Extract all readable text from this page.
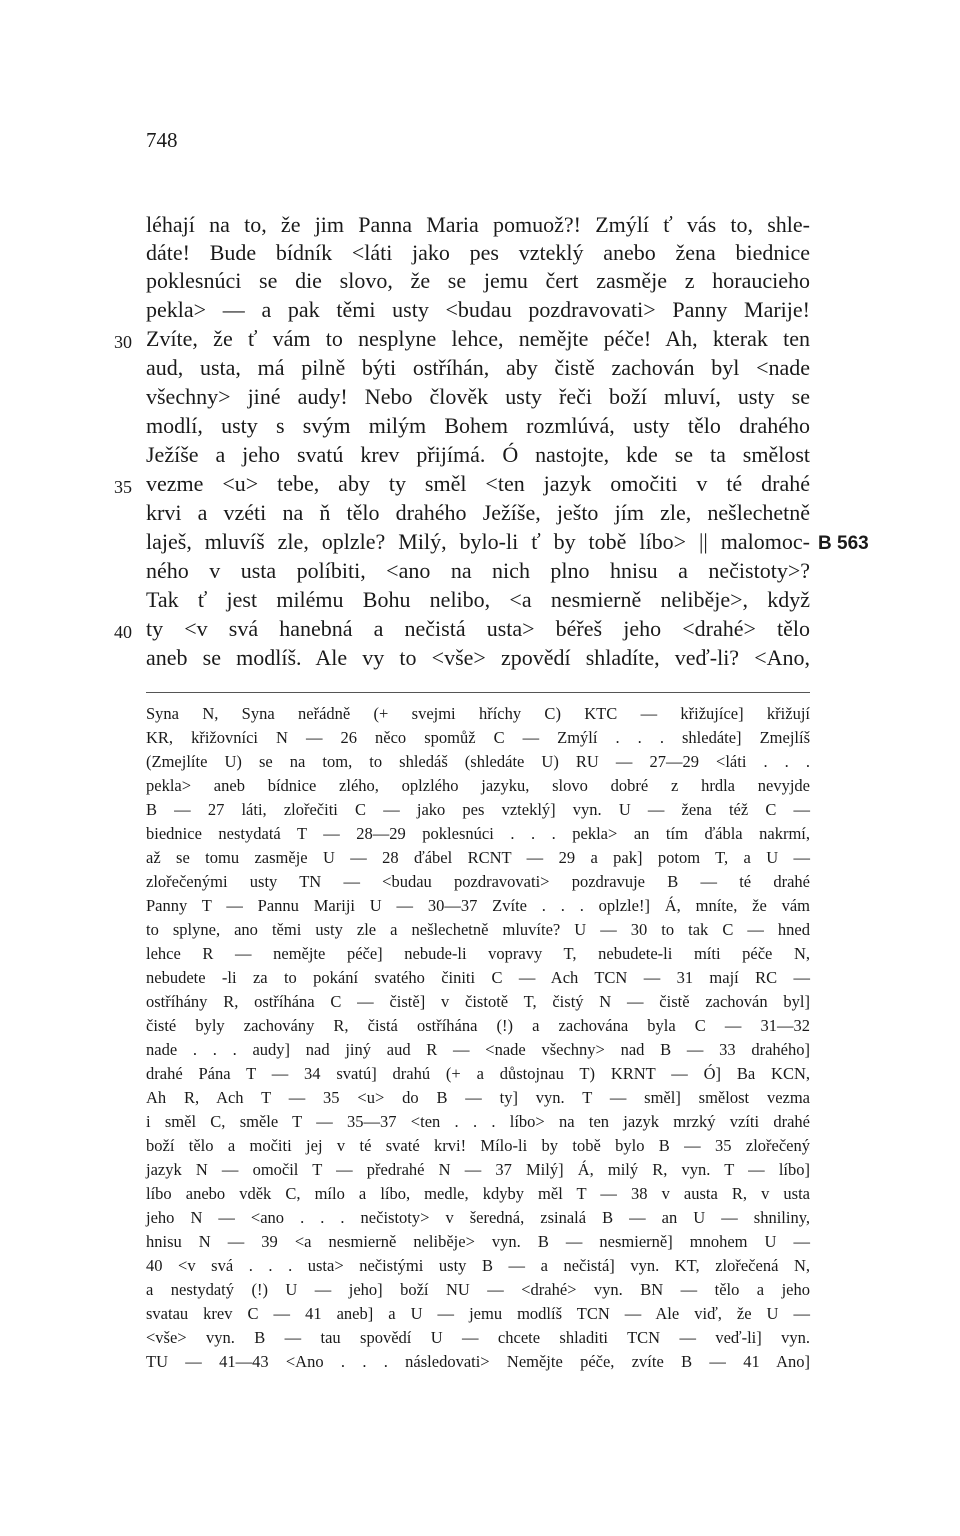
748
léhají na to, že jim Panna Maria pomuož?! Zmýlí ť vás to, shle-
dáte! Bude bídník <láti jako pes vzteklý anebo žena biednice
poklesnúci se die slovo, že se jemu čert zasměje z horaucieho
pekla> — a pak těmi usty <budau pozdravovati> Panny Marije!
Zvíte, že ť vám to nesplyne lehce, nemějte péče! Ah, kterak ten
aud, usta, má pilně býti ostříhán, aby čistě zachován byl <nade
všechny> jiné audy! Nebo člověk usty řeči boží mluví, usty se
modlí, usty s svým milým Bohem rozmlúvá, usty tělo drahého
Ježíše a jeho svatú krev přijímá. Ó nastojte, kde se ta smělost
vezme <u> tebe, aby ty směl <ten jazyk omočiti v té drahé
krvi a vzéti na ň tělo drahého Ježíše, ješto jím zle, nešlechetně
laješ, mluvíš zle, oplzle? Milý, bylo-li ť by tobě líbo> || malomoc-
ného v usta políbiti, <ano na nich plno hnisu a nečistoty>?
Tak ť jest milému Bohu nelibo, <a nesmierně neliběje>, když
ty <v svá hanebná a nečistá usta> béřeš jeho <drahé> tělo
aneb se modlíš. Ale vy to <vše> zpovědí shladíte, veď-li? <Ano,
30
35
40
B 563
Syna N, Syna neřádně (+ svejmi hříchy C) KTC — křižujíce] křižují
KR, křižovníci N — 26 něco spomůž C — Zmýlí . . . shledáte] Zmejlíš
(Zmejlíte U) se na tom, to shledáš (shledáte U) RU — 27—29 <láti . . .
pekla> aneb bídnice zlého, oplzlého jazyku, slovo dobré z hrdla nevyjde
B — 27 láti, zlořečiti C — jako pes vzteklý] vyn. U — žena též C —
biednice nestydatá T — 28—29 poklesnúci . . . pekla> an tím ďábla nakrmí,
až se tomu zasměje U — 28 ďábel RCNT — 29 a pak] potom T, a U —
zlořečenými usty TN — <budau pozdravovati> pozdravuje B — té drahé
Panny T — Pannu Mariji U — 30—37 Zvíte . . . oplzle!] Á, mníte, že vám
to splyne, ano těmi usty zle a nešlechetně mluvíte? U — 30 to tak C — hned
lehce R — nemějte péče] nebude-li vopravy T, nebudete-li míti péče N,
nebudete -li za to pokání svatého činiti C — Ach TCN — 31 mají RC —
ostříhány R, ostříhána C — čistě] v čistotě T, čistý N — čistě zachován byl]
čisté byly zachovány R, čistá ostříhána (!) a zachována byla C — 31—32
nade . . . audy] nad jiný aud R — <nade všechny> nad B — 33 drahého]
drahé Pána T — 34 svatú] drahú (+ a důstojnau T) KRNT — Ó] Ba KCN,
Ah R, Ach T — 35 <u> do B — ty] vyn. T — směl] smělost vezma
i směl C, směle T — 35—37 <ten . . . líbo> na ten jazyk mrzký vzíti drahé
boží tělo a močiti jej v té svaté krvi! Mílo-li by tobě bylo B — 35 zlořečený
jazyk N — omočil T — předrahé N — 37 Milý] Á, milý R, vyn. T — líbo]
líbo anebo vděk C, mílo a líbo, medle, kdyby měl T — 38 v austa R, v usta
jeho N — <ano . . . nečistoty> v šeredná, zsinalá B — an U — shniliny,
hnisu N — 39 <a nesmierně neliběje> vyn. B — nesmierně] mnohem U —
40 <v svá . . . usta> nečistými usty B — a nečistá] vyn. KT, zlořečená N,
a nestydatý (!) U — jeho] boží NU — <drahé> vyn. BN — tělo a jeho
svatau krev C — 41 aneb] a U — jemu modlíš TCN — Ale viď, že U —
<vše> vyn. B — tau spovědí U — chcete shladiti TCN — veď-li] vyn.
TU — 41—43 <Ano . . . následovati> Nemějte péče, zvíte B — 41 Ano]
